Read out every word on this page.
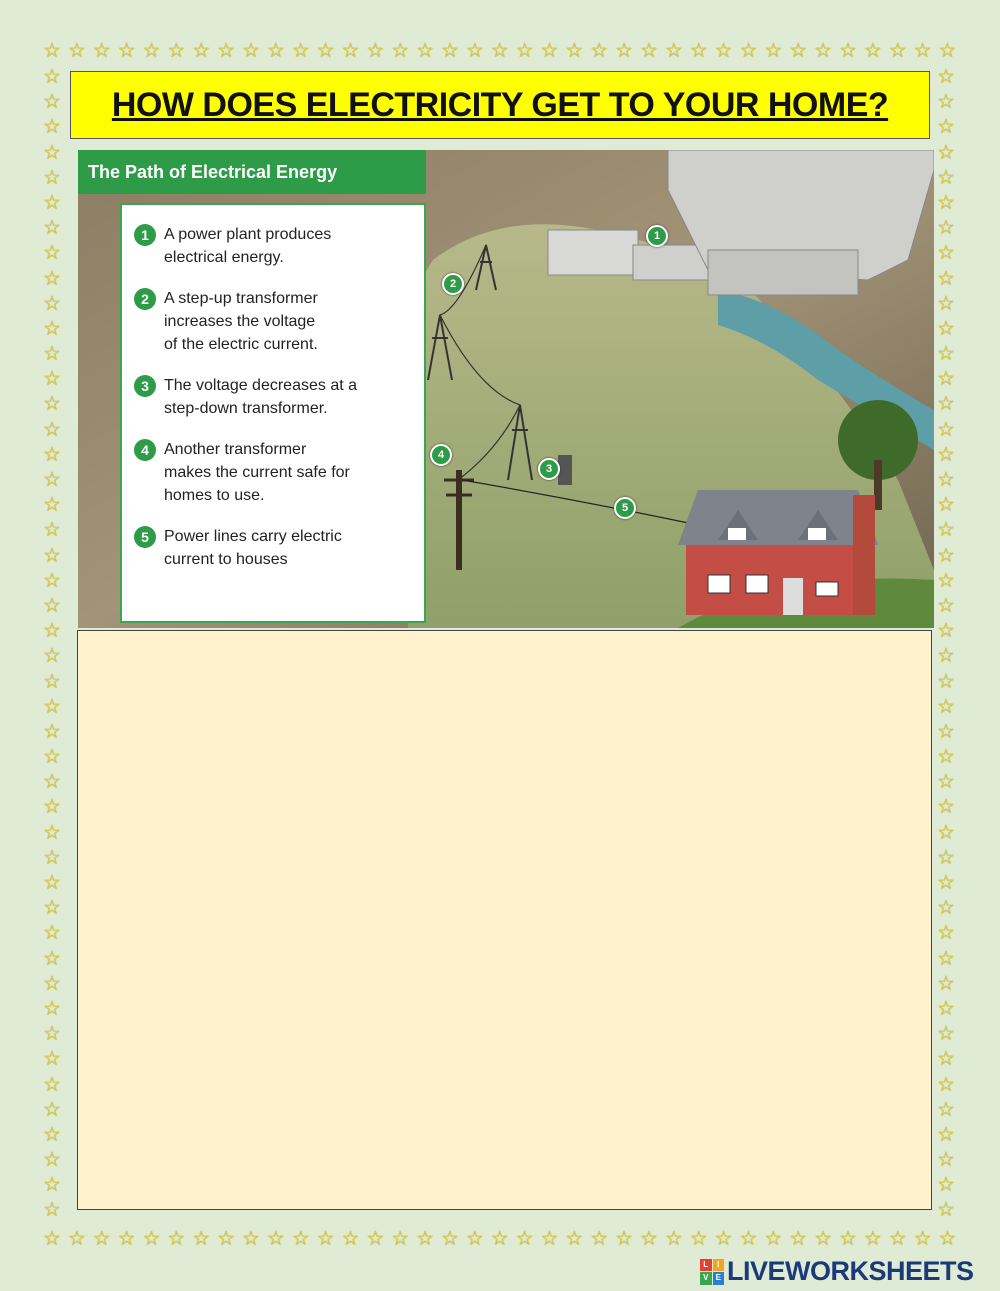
☆ ☆ ☆ ☆ ☆ ☆ ☆ ☆ ☆ ☆ ☆ ☆ ☆ ☆ ☆ ☆ ☆ ☆ ☆ ☆ ☆ ☆ ☆ ☆ ☆ ☆ ☆ ☆ ☆ ☆ ☆ ☆ ☆ ☆ ☆ ☆ ☆
☆ ☆ ☆ ☆ ☆ ☆ ☆ ☆ ☆ ☆ ☆ ☆ ☆ ☆ ☆ ☆ ☆ ☆ ☆ ☆ ☆ ☆ ☆ ☆ ☆ ☆ ☆ ☆ ☆ ☆ ☆ ☆ ☆ ☆ ☆ ☆ ☆
☆
☆
☆
☆
☆
☆
☆
☆
☆
☆
☆
☆
☆
☆
☆
☆
☆
☆
☆
☆
☆
☆
☆
☆
☆
☆
☆
☆
☆
☆
☆
☆
☆
☆
☆
☆
☆
☆
☆
☆
☆
☆
☆
☆
☆
☆
☆
☆
☆
☆
☆
☆
☆
☆
☆
☆
☆
☆
☆
☆
☆
☆
☆
☆
☆
☆
☆
☆
☆
☆
☆
☆
☆
☆
☆
☆
☆
☆
☆
☆
☆
☆
☆
☆
☆
☆
☆
☆
☆
☆
☆
☆
HOW DOES ELECTRICITY GET TO YOUR HOME?
The Path of Electrical Energy
1 A power plant produces
electrical energy.
2 A step-up transformer
increases the voltage
of the electric current.
3 The voltage decreases at a
step-down transformer.
4 Another transformer
makes the current safe for
homes to use.
5 Power lines carry electric
current to houses
1
2
3
4
5
L	I
V E LIVEWORKSHEETS
